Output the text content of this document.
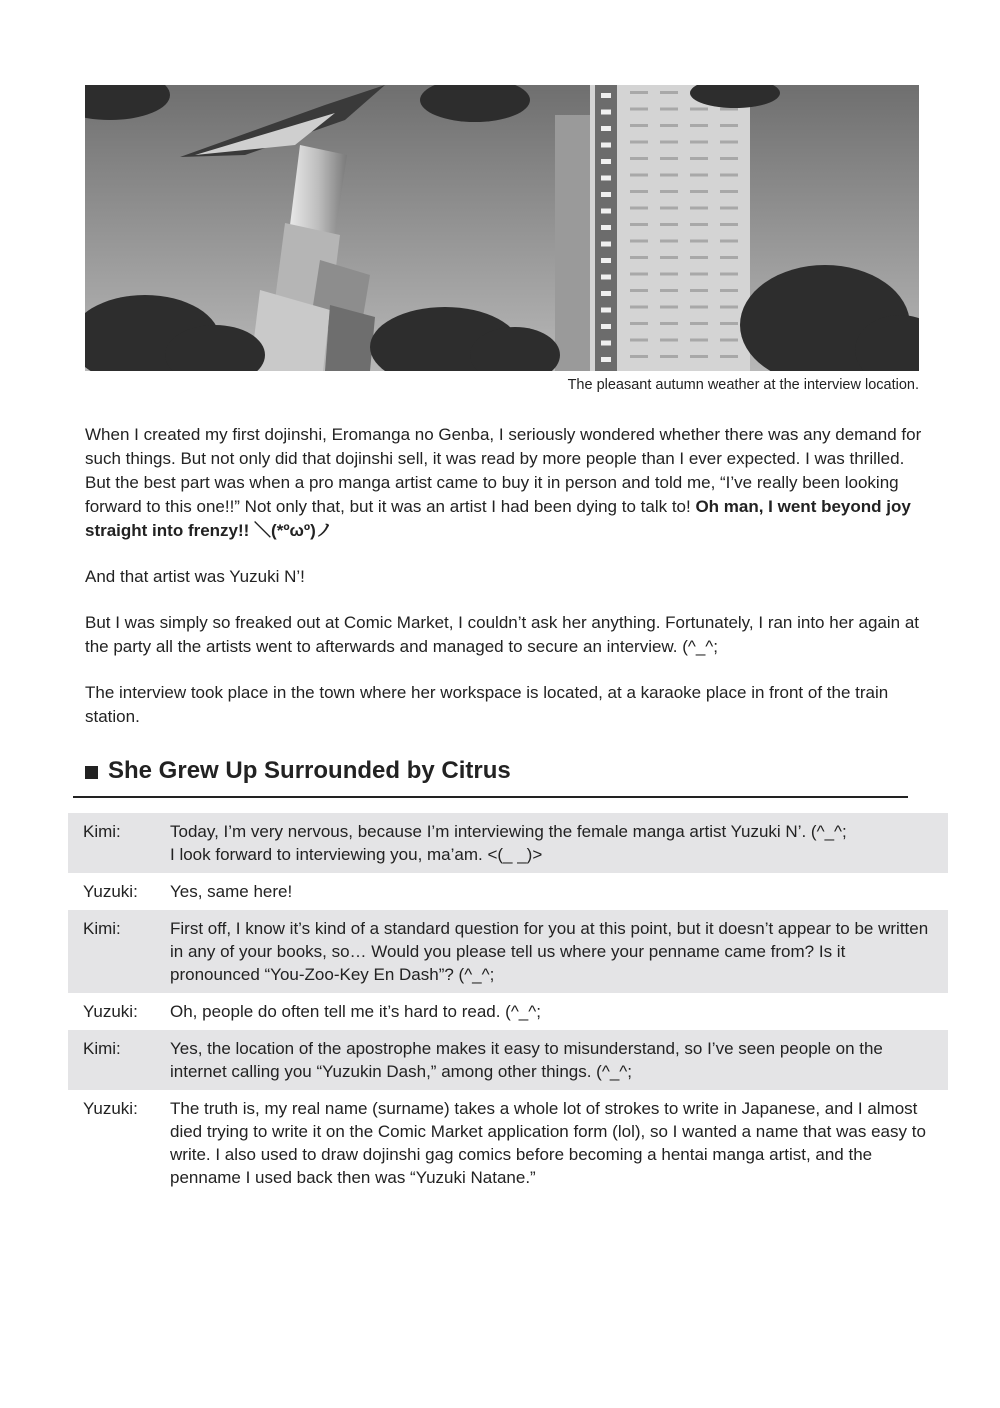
The pleasant autumn weather at the interview location.

When I created my first dojinshi, Eromanga no Genba, I seriously wondered whether there was any demand for such things. But not only did that dojinshi sell, it was read by more people than I ever expected. I was thrilled. But the best part was when a pro manga artist came to buy it in person and told me, “I’ve really been looking forward to this one!!” Not only that, but it was an artist I had been dying to talk to! Oh man, I went beyond joy straight into frenzy!! ＼(*ºωº)ノ

And that artist was Yuzuki N’!

But I was simply so freaked out at Comic Market, I couldn’t ask her anything. Fortunately, I ran into her again at the party all the artists went to afterwards and managed to secure an interview. (^_^;

The interview took place in the town where her workspace is located, at a karaoke place in front of the train station.

She Grew Up Surrounded by Citrus
Kimi:	Today, I’m very nervous, because I’m interviewing the female manga artist Yuzuki N’. (^_^;
I look forward to interviewing you, ma’am. <(_ _)>
Yuzuki:	Yes, same here!
Kimi:	First off, I know it’s kind of a standard question for you at this point, but it doesn’t appear to be written in any of your books, so… Would you please tell us where your penname came from? Is it pronounced “You-Zoo-Key En Dash”? (^_^;
Yuzuki:	Oh, people do often tell me it’s hard to read. (^_^;
Kimi:	Yes, the location of the apostrophe makes it easy to misunderstand, so I’ve seen people on the internet calling you “Yuzukin Dash,” among other things. (^_^;
Yuzuki:	The truth is, my real name (surname) takes a whole lot of strokes to write in Japanese, and I almost died trying to write it on the Comic Market application form (lol), so I wanted a name that was easy to write. I also used to draw dojinshi gag comics before becoming a hentai manga artist, and the penname I used back then was “Yuzuki Natane.”
